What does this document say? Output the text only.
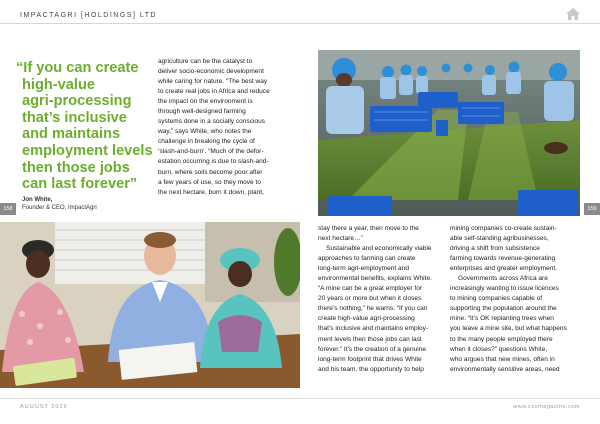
IMPACTAGRI [HOLDINGS] LTD
“If you can create
high-value
agri-processing
that’s inclusive
and maintains
employment levels
then those jobs
can last forever”
Jon White,
Founder & CEO, ImpactAgri
158	159
agriculture can be the catalyst to
deliver socio-economic development
while caring for nature. “The best way
to create real jobs in Africa and reduce
the impact on the environment is
through well-designed farming
systems done in a socially conscious
way,” says White, who notes the
challenge in breaking the cycle of
‘slash-and-burn’. “Much of the defor-
estation occurring is due to slash-and-
burn, where soils become poor after
a few years of use, so they move to
the next hectare, burn it down, plant,
stay there a year, then move to the
next hectare…”
Sustainable and economically viable
approaches to farming can create
long-term agri-employment and
environmental benefits, explains White.
“A mine can be a great employer for
20 years or more but when it closes
there’s nothing,” he warns. “If you can
create high-value agri-processing
that’s inclusive and maintains employ-
ment levels then those jobs can last
forever.” It’s the creation of a genuine
long-term footprint that drives White
and his team, the opportunity to help
mining companies co-create sustain-
able self-standing agribusinesses,
driving a shift from subsistence
farming towards revenue-generating
enterprises and greater employment.
Governments across Africa are
increasingly wanting to issue licences
to mining companies capable of
supporting the population around the
mine. “It’s OK replanting trees when
you leave a mine site, but what happens
to the many people employed there
when it closes?” questions White,
who argues that new mines, often in
environmentally sensitive areas, need
AUGUST 2019	www.cxomagazine.com
